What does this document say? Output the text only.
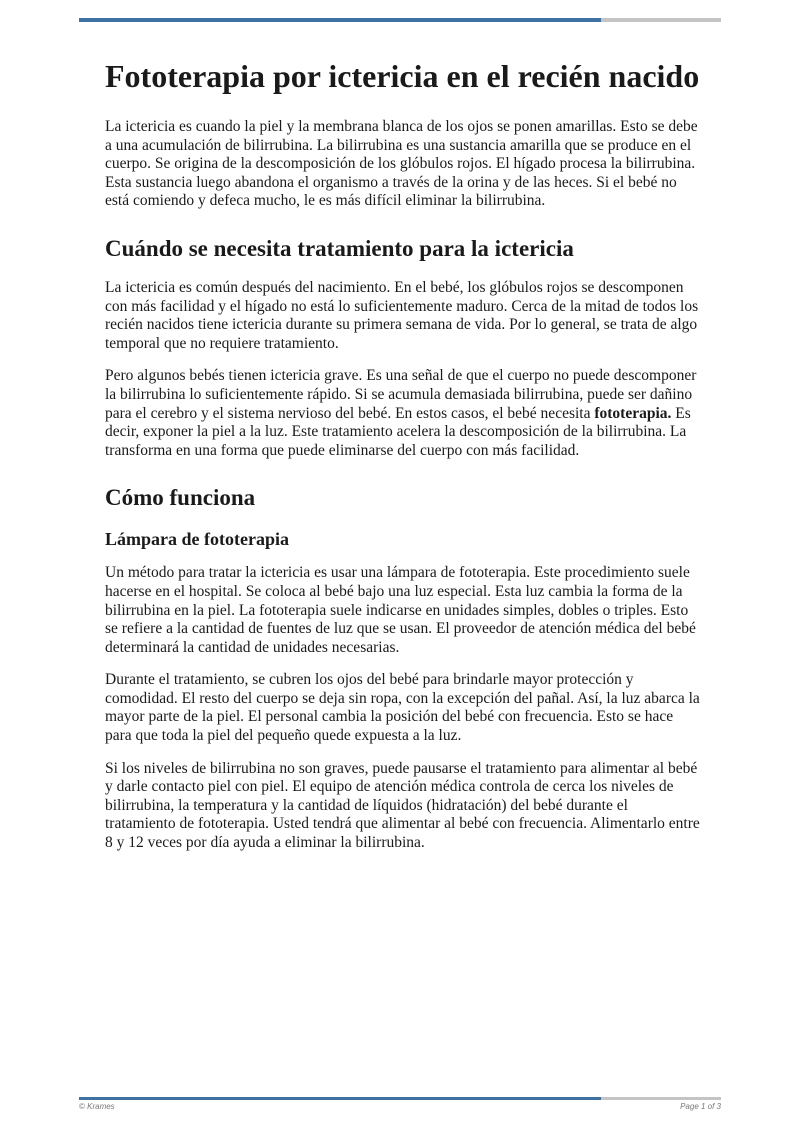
Fototerapia por ictericia en el recién nacido

La ictericia es cuando la piel y la membrana blanca de los ojos se ponen amarillas. Esto se debe a una acumulación de bilirrubina. La bilirrubina es una sustancia amarilla que se produce en el cuerpo. Se origina de la descomposición de los glóbulos rojos. El hígado procesa la bilirrubina. Esta sustancia luego abandona el organismo a través de la orina y de las heces. Si el bebé no está comiendo y defeca mucho, le es más difícil eliminar la bilirrubina.

Cuándo se necesita tratamiento para la ictericia

La ictericia es común después del nacimiento. En el bebé, los glóbulos rojos se descomponen con más facilidad y el hígado no está lo suficientemente maduro. Cerca de la mitad de todos los recién nacidos tiene ictericia durante su primera semana de vida. Por lo general, se trata de algo temporal que no requiere tratamiento.

Pero algunos bebés tienen ictericia grave. Es una señal de que el cuerpo no puede descomponer la bilirrubina lo suficientemente rápido. Si se acumula demasiada bilirrubina, puede ser dañino para el cerebro y el sistema nervioso del bebé. En estos casos, el bebé necesita fototerapia. Es decir, exponer la piel a la luz. Este tratamiento acelera la descomposición de la bilirrubina. La transforma en una forma que puede eliminarse del cuerpo con más facilidad.

Cómo funciona
Lámpara de fototerapia

Un método para tratar la ictericia es usar una lámpara de fototerapia. Este procedimiento suele hacerse en el hospital. Se coloca al bebé bajo una luz especial. Esta luz cambia la forma de la bilirrubina en la piel. La fototerapia suele indicarse en unidades simples, dobles o triples. Esto se refiere a la cantidad de fuentes de luz que se usan. El proveedor de atención médica del bebé determinará la cantidad de unidades necesarias.

Durante el tratamiento, se cubren los ojos del bebé para brindarle mayor protección y comodidad. El resto del cuerpo se deja sin ropa, con la excepción del pañal. Así, la luz abarca la mayor parte de la piel. El personal cambia la posición del bebé con frecuencia. Esto se hace para que toda la piel del pequeño quede expuesta a la luz.

Si los niveles de bilirrubina no son graves, puede pausarse el tratamiento para alimentar al bebé y darle contacto piel con piel. El equipo de atención médica controla de cerca los niveles de bilirrubina, la temperatura y la cantidad de líquidos (hidratación) del bebé durante el tratamiento de fototerapia. Usted tendrá que alimentar al bebé con frecuencia. Alimentarlo entre 8 y 12 veces por día ayuda a eliminar la bilirrubina.

© Krames	Page 1 of 3
